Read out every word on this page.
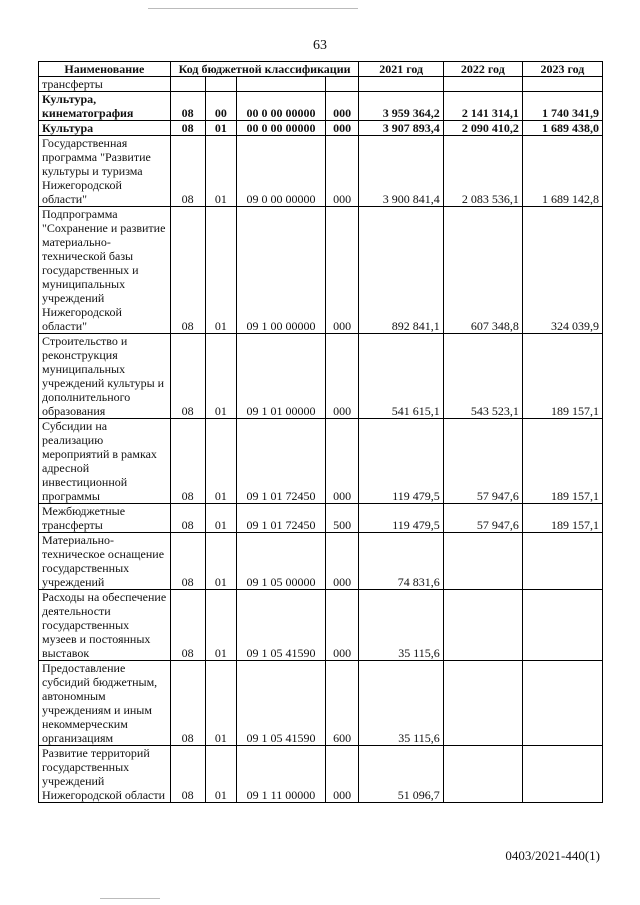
63
Наименование	Код бюджетной классификации				2021 год	2022 год	2023 год
трансферты							
Культура, кинематография	08	00	00 0 00 00000	000	3 959 364,2	2 141 314,1	1 740 341,9
Культура	08	01	00 0 00 00000	000	3 907 893,4	2 090 410,2	1 689 438,0
Государственная программа "Развитие культуры и туризма Нижегородской области"	08	01	09 0 00 00000	000	3 900 841,4	2 083 536,1	1 689 142,8
Подпрограмма "Сохранение и развитие материально-технической базы государственных и муниципальных учреждений Нижегородской области"	08	01	09 1 00 00000	000	892 841,1	607 348,8	324 039,9
Строительство и реконструкция муниципальных учреждений культуры и дополнительного образования	08	01	09 1 01 00000	000	541 615,1	543 523,1	189 157,1
Субсидии на реализацию мероприятий в рамках адресной инвестиционной программы	08	01	09 1 01 72450	000	119 479,5	57 947,6	189 157,1
Межбюджетные трансферты	08	01	09 1 01 72450	500	119 479,5	57 947,6	189 157,1
Материально-техническое оснащение государственных учреждений	08	01	09 1 05 00000	000	74 831,6		
Расходы на обеспечение деятельности государственных музеев и постоянных выставок	08	01	09 1 05 41590	000	35 115,6		
Предоставление субсидий бюджетным, автономным учреждениям и иным некоммерческим организациям	08	01	09 1 05 41590	600	35 115,6		
Развитие территорий государственных учреждений Нижегородской области	08	01	09 1 11 00000	000	51 096,7		
0403/2021-440(1)
